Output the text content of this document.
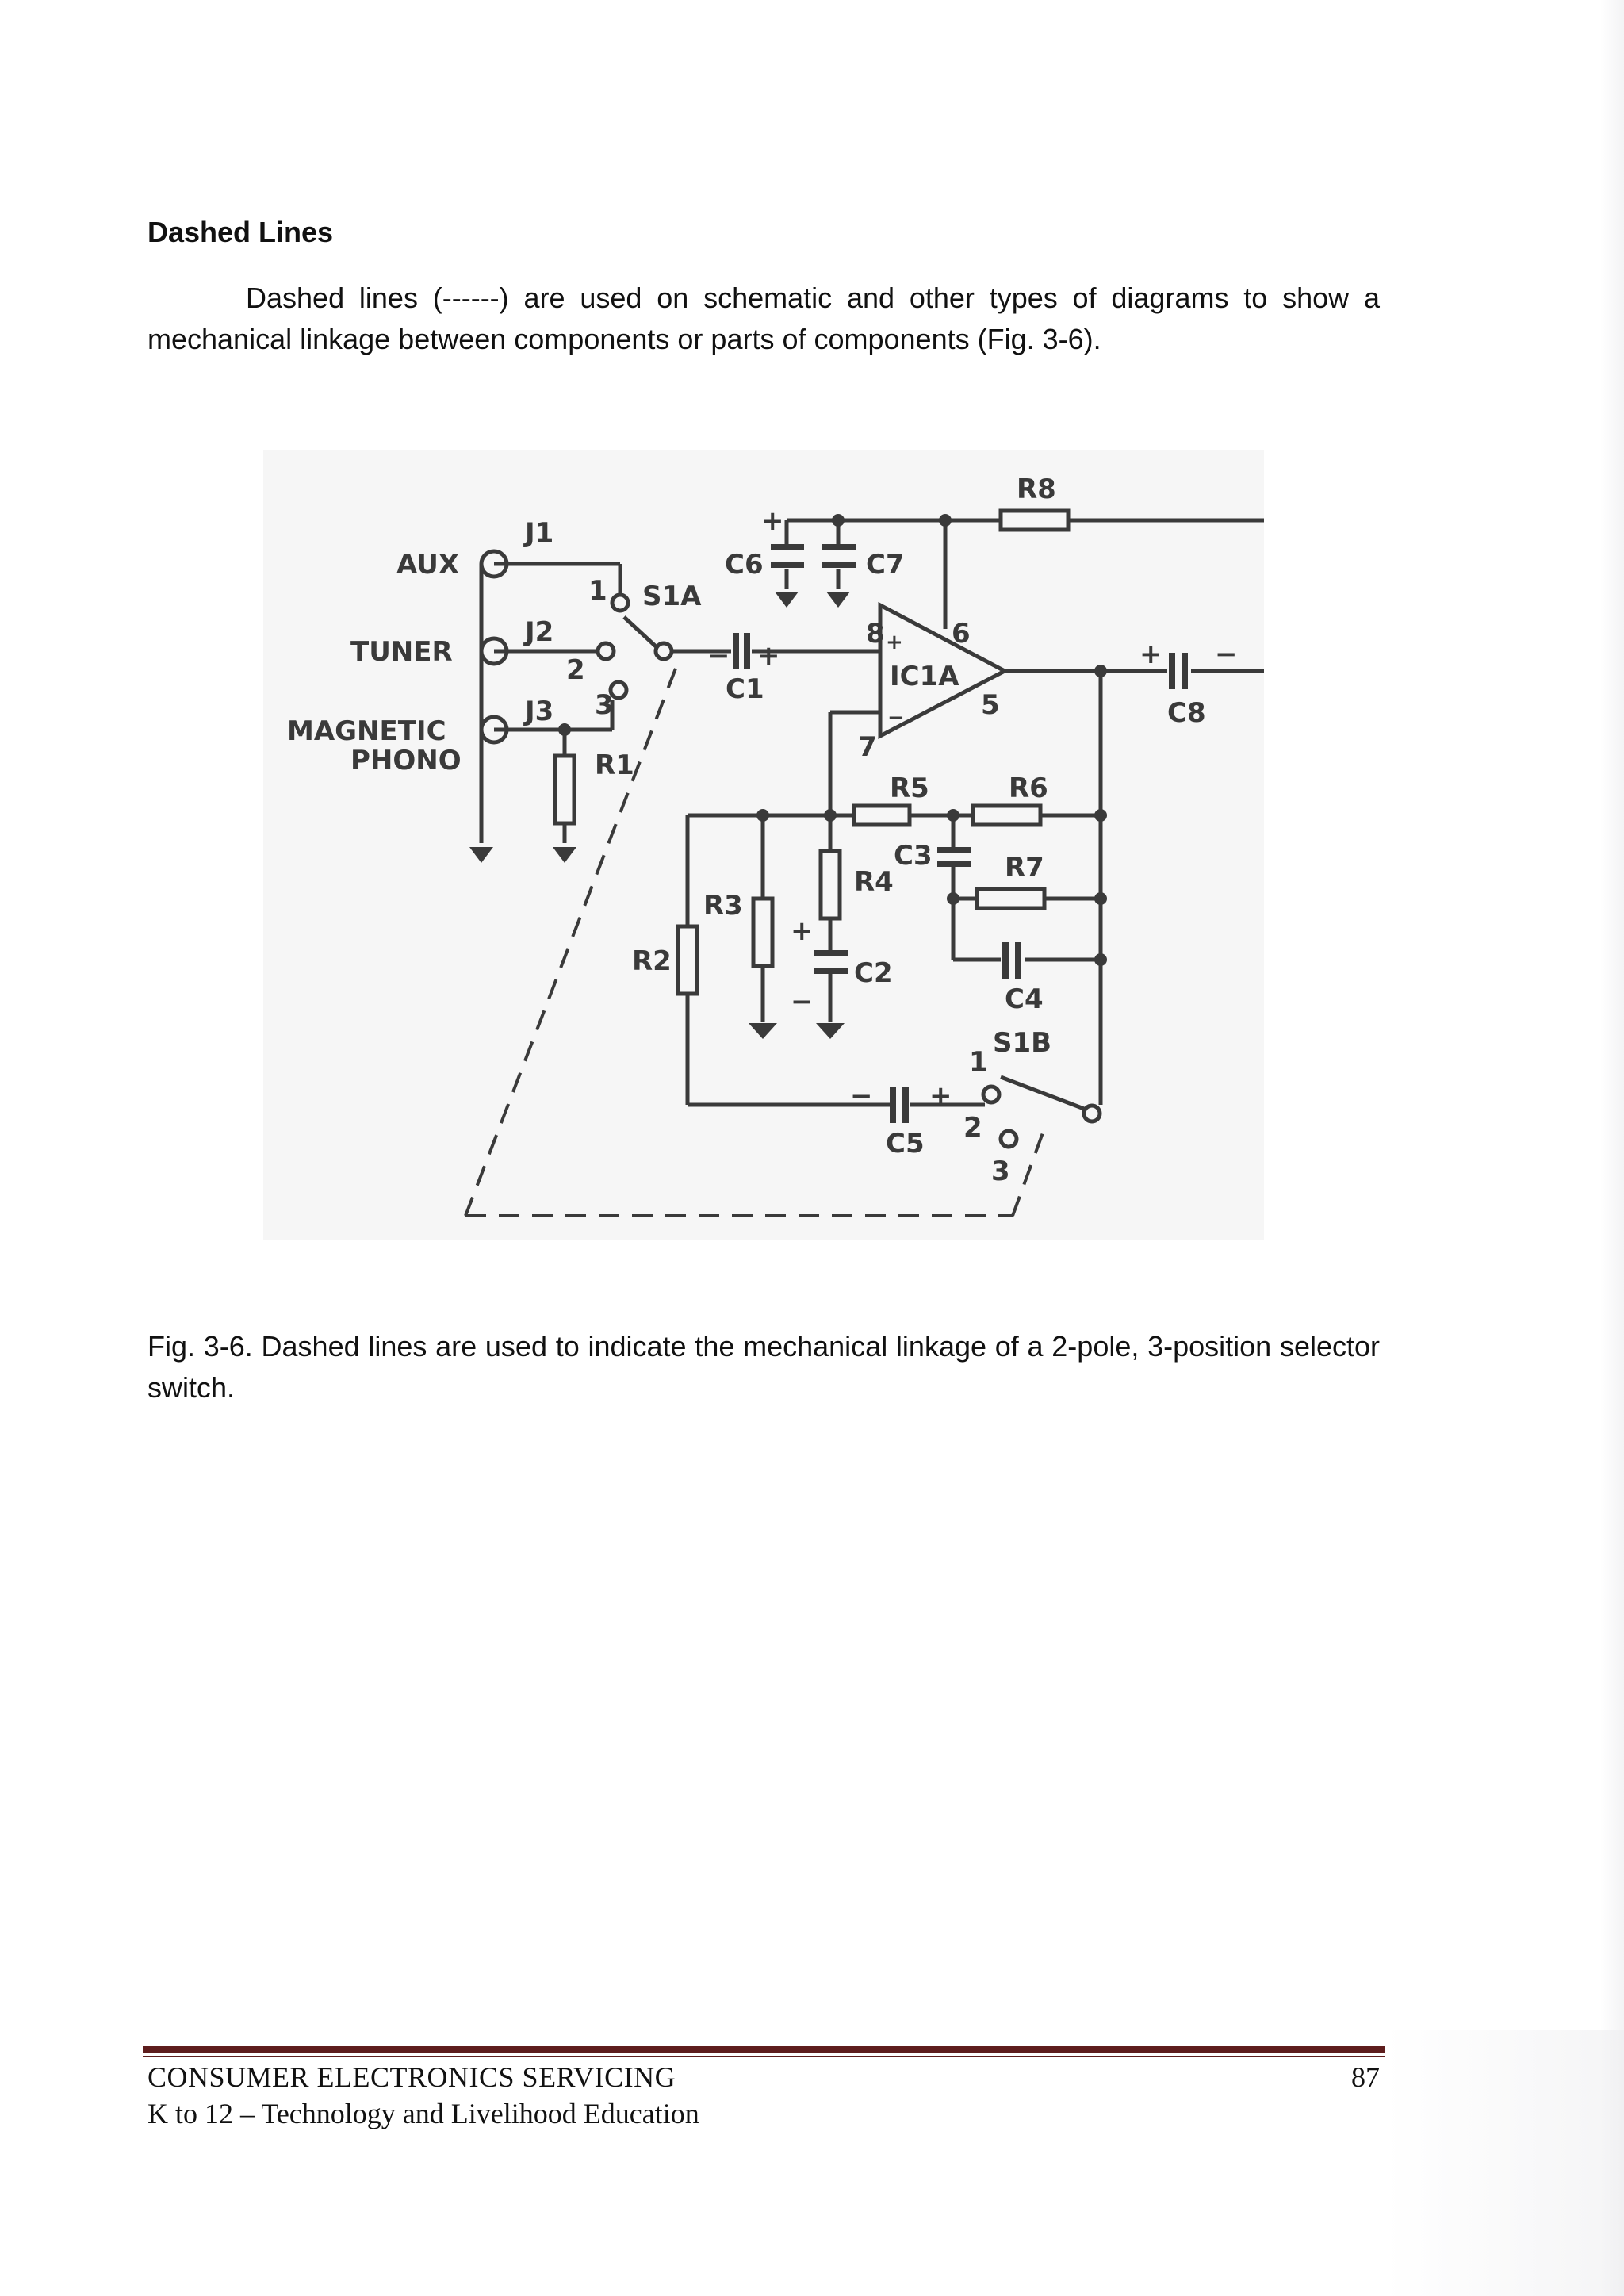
Dashed Lines

Dashed lines (------) are used on schematic and other types of diagrams to show a mechanical linkage between components or parts of components (Fig. 3-6).

AUX
TUNER
MAGNETIC
PHONO
J1
J2
J3
S1A
1
2
3
R1
C1
− +
C6
+
C7
8 6
IC1A
+
−	5
7
R8
+ −
C8
R5	R6
C3	R7
C4
R4
R3
R2	C2
+
−
S1B
1
2
3
− +
C5

Fig. 3-6. Dashed lines are used to indicate the mechanical linkage of a 2-pole, 3-position selector switch.

CONSUMER ELECTRONICS SERVICING
K to 12 – Technology and Livelihood Education
87
